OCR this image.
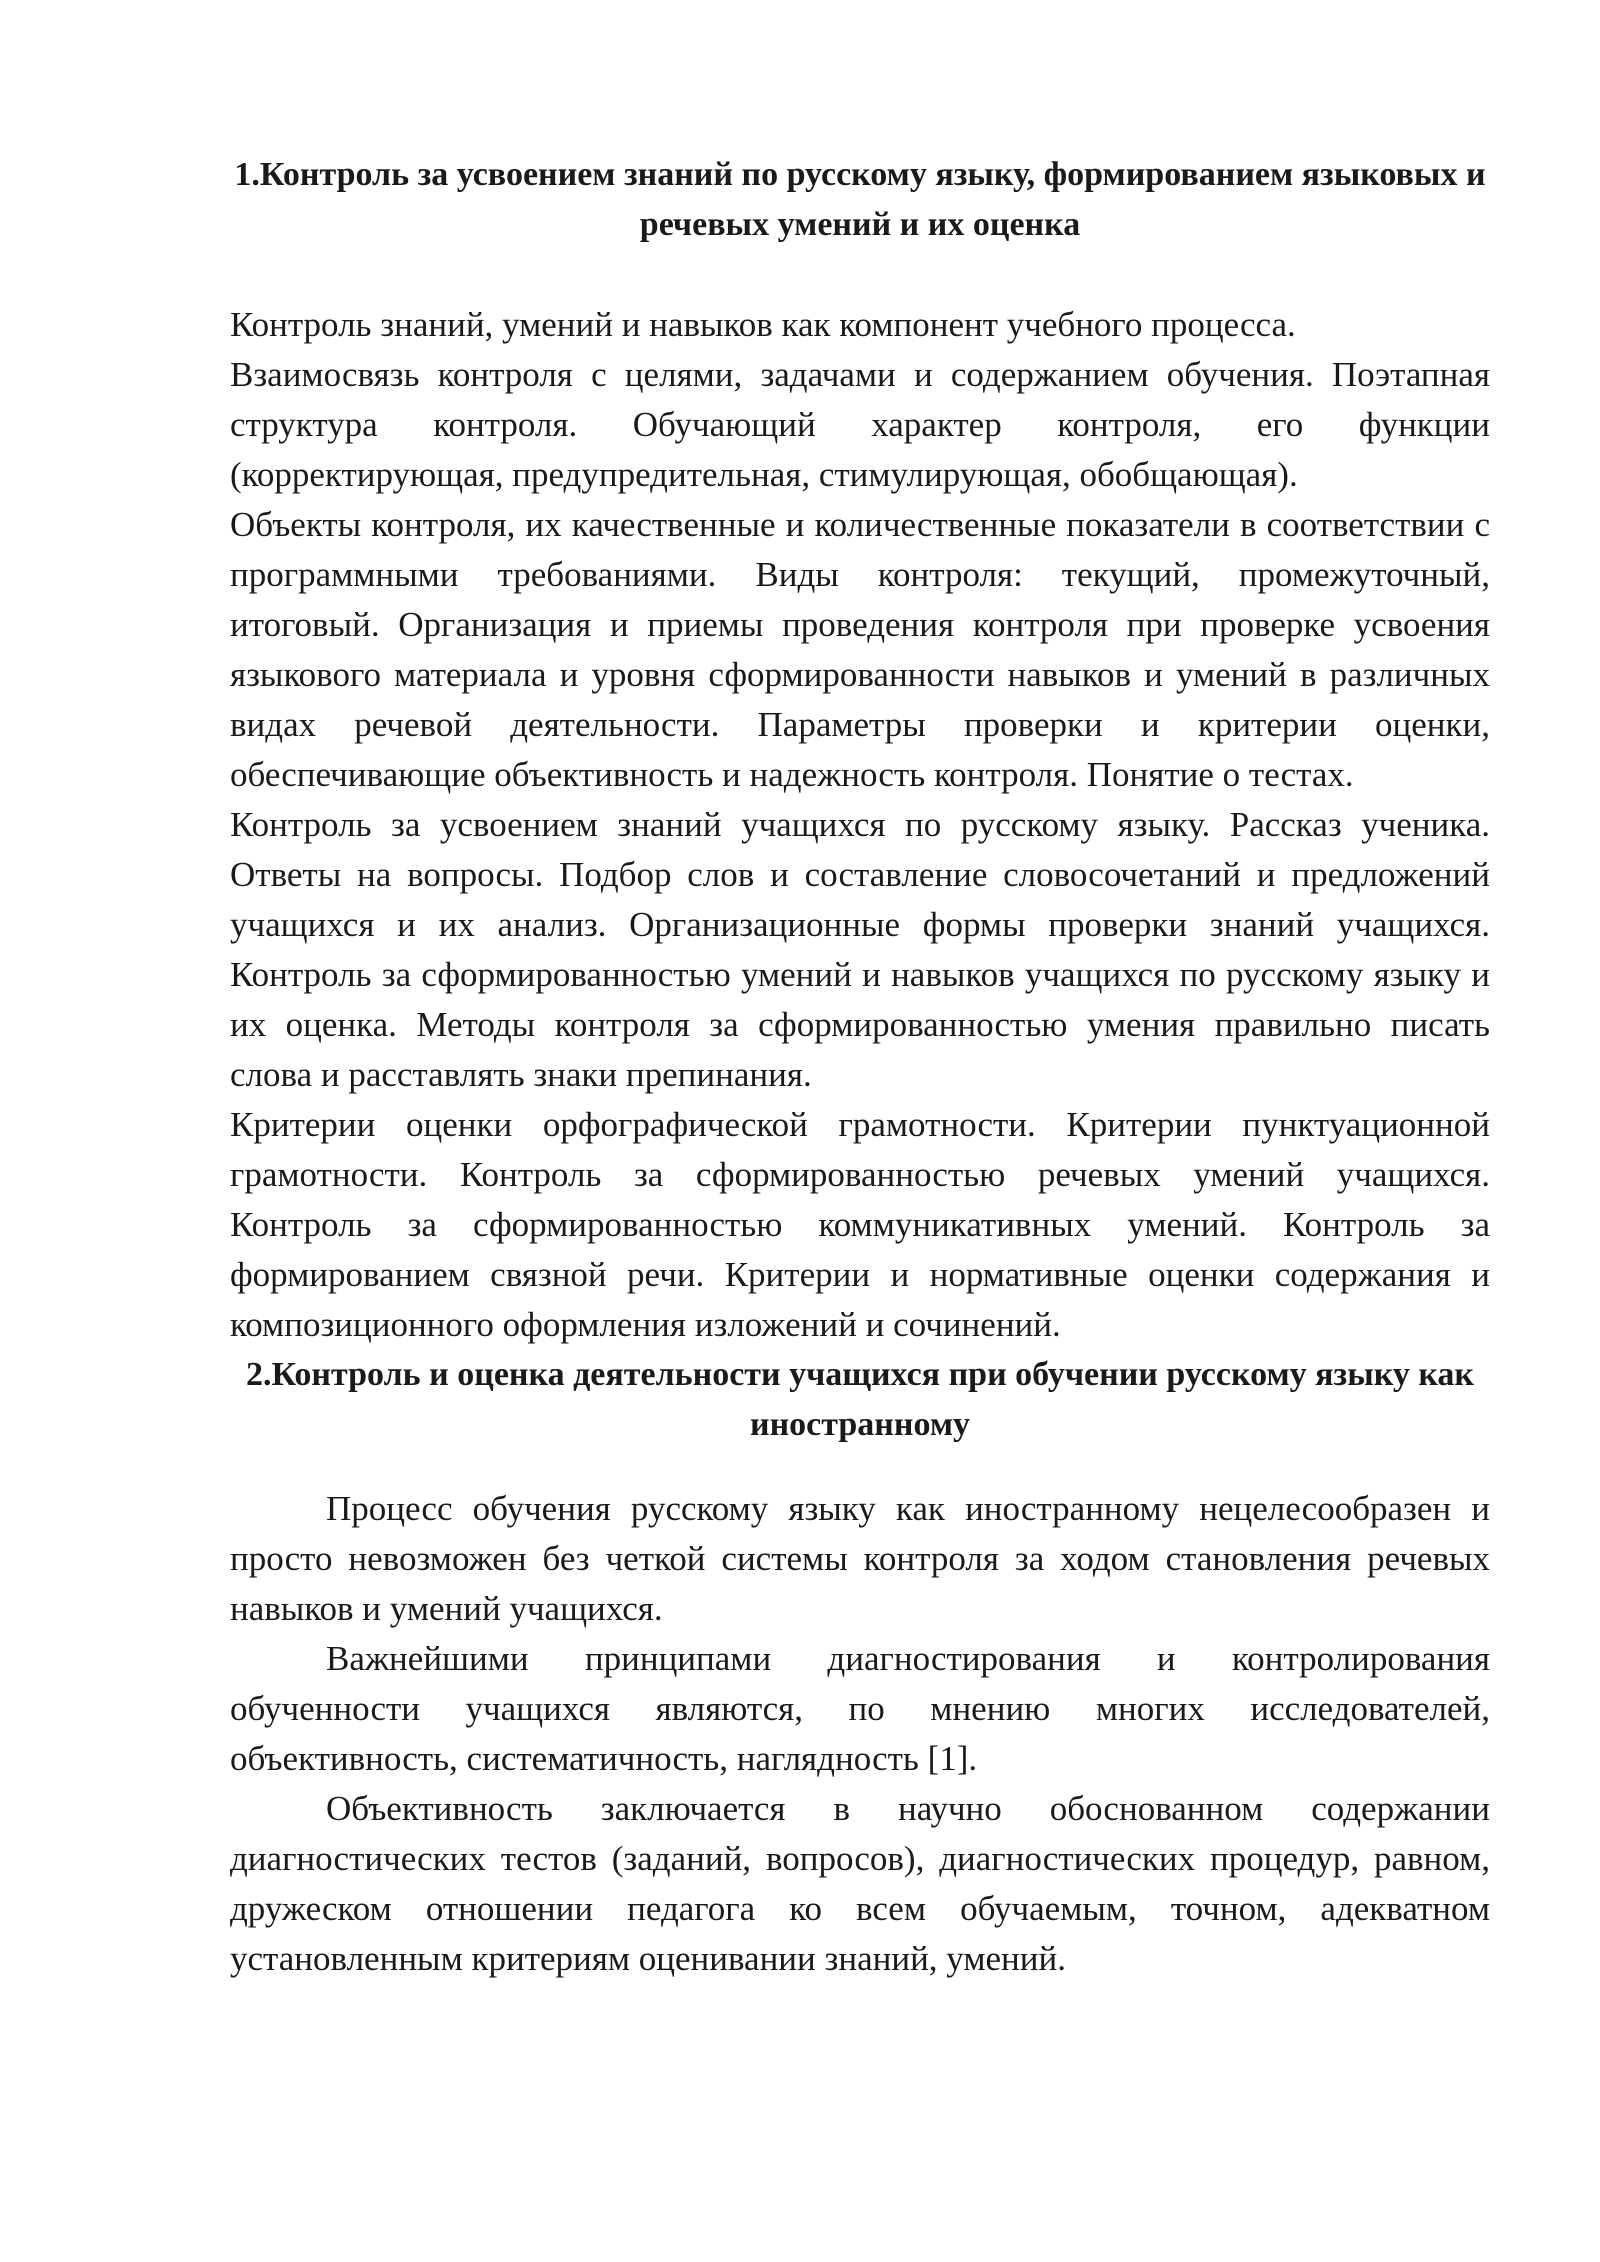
1.Контроль за усвоением знаний по русскому языку, формированием языковых и речевых умений и их оценка

Контроль знаний, умений и навыков как компонент учебного процесса.

Взаимосвязь контроля с целями, задачами и содержанием обучения. Поэтапная структура контроля. Обучающий характер контроля, его функции (корректирующая, предупредительная, стимулирующая, обобщающая).

Объекты контроля, их качественные и количественные показатели в соответствии с программными требованиями. Виды контроля: текущий, промежуточный, итоговый. Организация и приемы проведения контроля при проверке усвоения языкового материала и уровня сформированности навыков и умений в различных видах речевой деятельности. Параметры проверки и критерии оценки, обеспечивающие объективность и надежность контроля. Понятие о тестах.

Контроль за усвоением знаний учащихся по русскому языку. Рассказ ученика. Ответы на вопросы. Подбор слов и составление словосочетаний и предложений учащихся и их анализ. Организационные формы проверки знаний учащихся. Контроль за сформированностью умений и навыков учащихся по русскому языку и их оценка. Методы контроля за сформированностью умения правильно писать слова и расставлять знаки препинания.

Критерии оценки орфографической грамотности. Критерии пунктуационной грамотности. Контроль за сформированностью речевых умений учащихся. Контроль за сформированностью коммуникативных умений. Контроль за формированием связной речи. Критерии и нормативные оценки содержания и композиционного оформления изложений и сочинений.

2.Контроль и оценка деятельности учащихся при обучении русскому языку как иностранному

Процесс обучения русскому языку как иностранному нецелесообразен и просто невозможен без четкой системы контроля за ходом становления речевых навыков и умений учащихся.

Важнейшими принципами диагностирования и контролирования обученности учащихся являются, по мнению многих исследователей, объективность, систематичность, наглядность [1].

Объективность заключается в научно обоснованном содержании диагностических тестов (заданий, вопросов), диагностических процедур, равном, дружеском отношении педагога ко всем обучаемым, точном, адекватном установленным критериям оценивании знаний, умений.
